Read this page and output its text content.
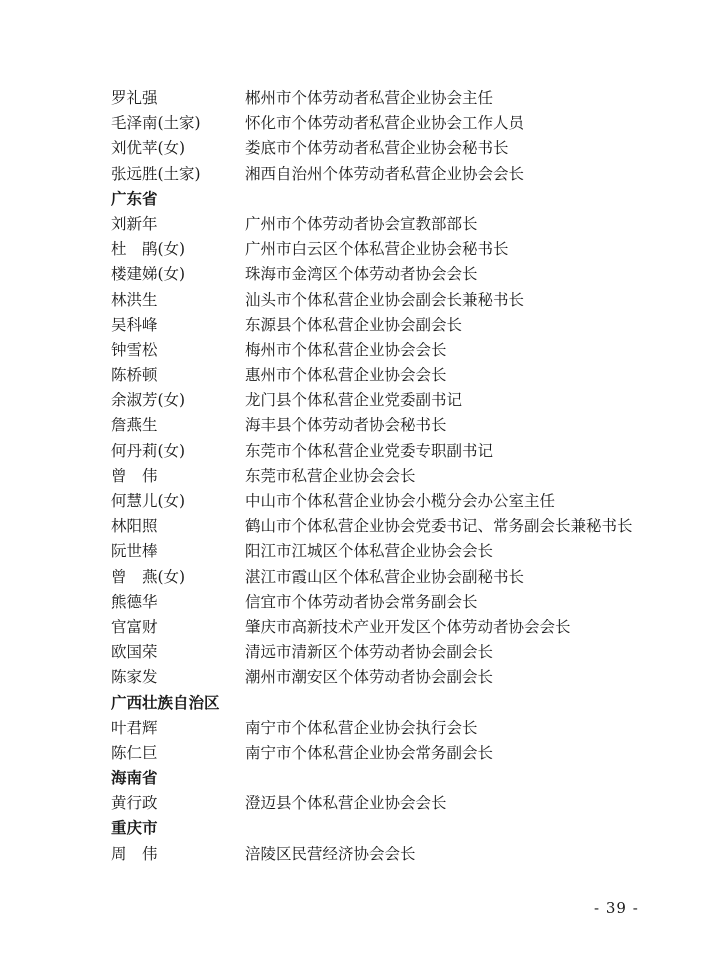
罗礼强	郴州市个体劳动者私营企业协会主任
毛泽南(土家)	怀化市个体劳动者私营企业协会工作人员
刘优苹(女)	娄底市个体劳动者私营企业协会秘书长
张远胜(土家)	湘西自治州个体劳动者私营企业协会会长
广东省
刘新年	广州市个体劳动者协会宣教部部长
杜　鹃(女)	广州市白云区个体私营企业协会秘书长
楼建娣(女)	珠海市金湾区个体劳动者协会会长
林洪生	汕头市个体私营企业协会副会长兼秘书长
吴科峰	东源县个体私营企业协会副会长
钟雪松	梅州市个体私营企业协会会长
陈桥顿	惠州市个体私营企业协会会长
余淑芳(女)	龙门县个体私营企业党委副书记
詹燕生	海丰县个体劳动者协会秘书长
何丹莉(女)	东莞市个体私营企业党委专职副书记
曾　伟	东莞市私营企业协会会长
何慧儿(女)	中山市个体私营企业协会小榄分会办公室主任
林阳照	鹤山市个体私营企业协会党委书记、常务副会长兼秘书长
阮世棒	阳江市江城区个体私营企业协会会长
曾　燕(女)	湛江市霞山区个体私营企业协会副秘书长
熊德华	信宜市个体劳动者协会常务副会长
官富财	肇庆市高新技术产业开发区个体劳动者协会会长
欧国荣	清远市清新区个体劳动者协会副会长
陈家发	潮州市潮安区个体劳动者协会副会长
广西壮族自治区
叶君辉	南宁市个体私营企业协会执行会长
陈仁巨	南宁市个体私营企业协会常务副会长
海南省
黄行政	澄迈县个体私营企业协会会长
重庆市
周　伟	涪陵区民营经济协会会长
- 39 -
